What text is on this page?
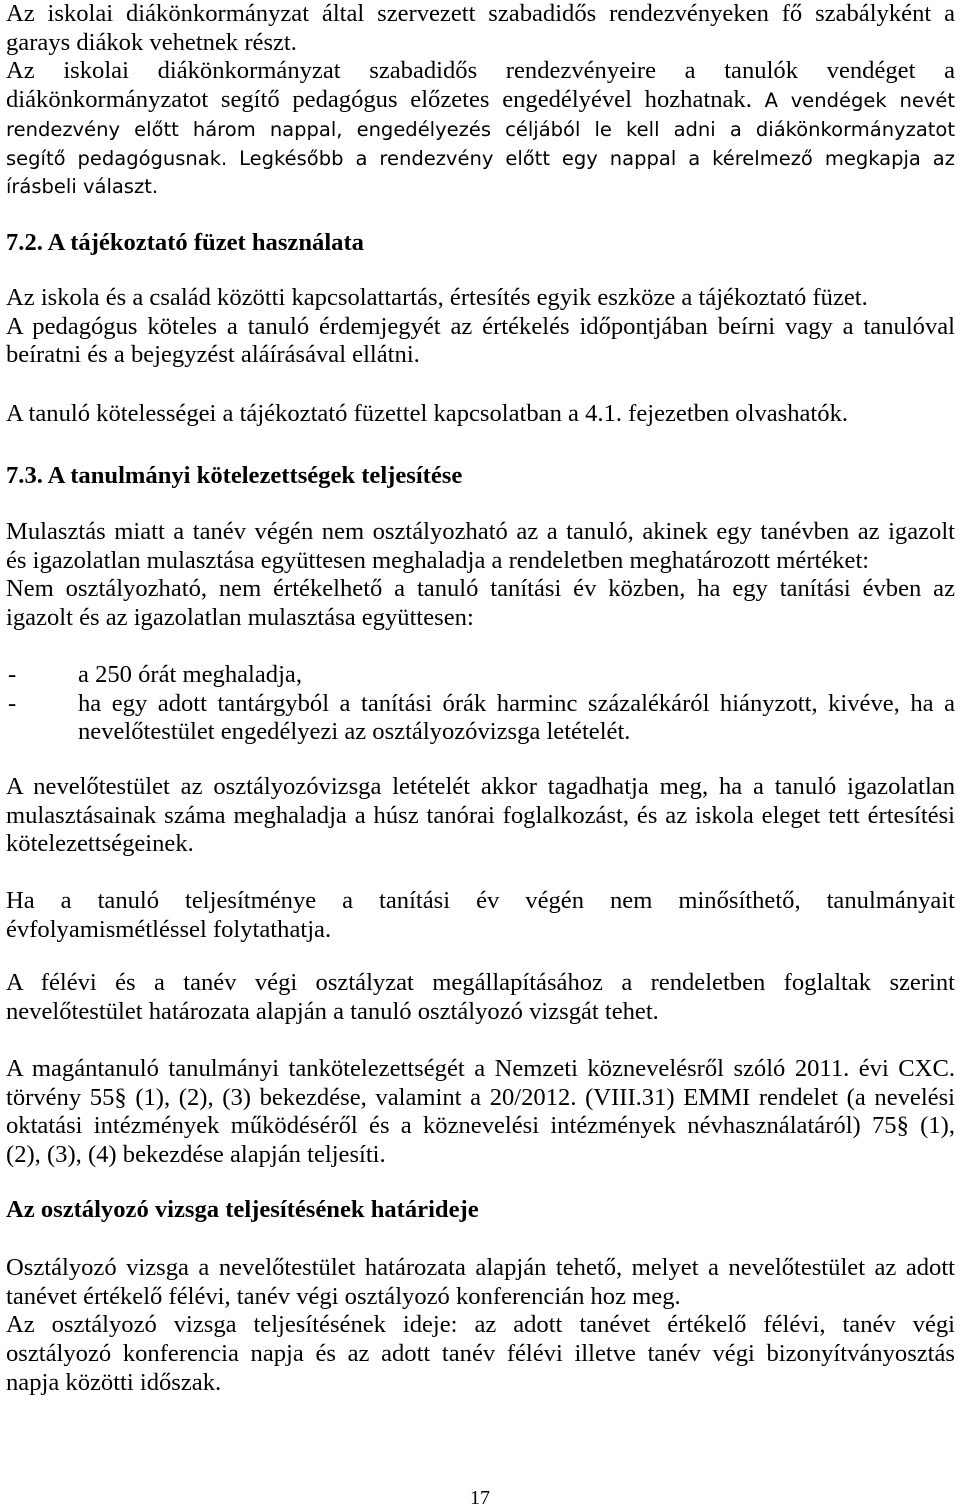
Az iskolai diákönkormányzat által szervezett szabadidős rendezvényeken fő szabályként a
garays diákok vehetnek részt.
Az iskolai diákönkormányzat szabadidős rendezvényeire a tanulók vendéget a
diákönkormányzatot segítő pedagógus előzetes engedélyével hozhatnak. A vendégek nevét
rendezvény előtt három nappal, engedélyezés céljából le kell adni a diákönkormányzatot
segítő pedagógusnak. Legkésőbb a rendezvény előtt egy nappal a kérelmező megkapja az
írásbeli választ.
7.2. A tájékoztató füzet használata
Az iskola és a család közötti kapcsolattartás, értesítés egyik eszköze a tájékoztató füzet.
A pedagógus köteles a tanuló érdemjegyét az értékelés időpontjában beírni vagy a tanulóval
beíratni és a bejegyzést aláírásával ellátni.
A tanuló kötelességei a tájékoztató füzettel kapcsolatban a 4.1. fejezetben olvashatók.
7.3. A tanulmányi kötelezettségek teljesítése
Mulasztás miatt a tanév végén nem osztályozható az a tanuló, akinek egy tanévben az igazolt
és igazolatlan mulasztása együttesen meghaladja a rendeletben meghatározott mértéket:
Nem osztályozható, nem értékelhető a tanuló tanítási év közben, ha egy tanítási évben az
igazolt és az igazolatlan mulasztása együttesen:
-	a 250 órát meghaladja,
-	ha egy adott tantárgyból a tanítási órák harminc százalékáról hiányzott, kivéve, ha a
nevelőtestület engedélyezi az osztályozóvizsga letételét.
A nevelőtestület az osztályozóvizsga letételét akkor tagadhatja meg, ha a tanuló igazolatlan
mulasztásainak száma meghaladja a húsz tanórai foglalkozást, és az iskola eleget tett értesítési
kötelezettségeinek.
Ha a tanuló teljesítménye a tanítási év végén nem minősíthető, tanulmányait
évfolyamismétléssel folytathatja.
A félévi és a tanév végi osztályzat megállapításához a rendeletben foglaltak szerint
nevelőtestület határozata alapján a tanuló osztályozó vizsgát tehet.
A magántanuló tanulmányi tankötelezettségét a Nemzeti köznevelésről szóló 2011. évi CXC.
törvény 55§ (1), (2), (3) bekezdése, valamint a 20/2012. (VIII.31) EMMI rendelet (a nevelési
oktatási intézmények működéséről és a köznevelési intézmények névhasználatáról) 75§ (1),
(2), (3), (4) bekezdése alapján teljesíti.
Az osztályozó vizsga teljesítésének határideje
Osztályozó vizsga a nevelőtestület határozata alapján tehető, melyet a nevelőtestület az adott
tanévet értékelő félévi, tanév végi osztályozó konferencián hoz meg.
Az osztályozó vizsga teljesítésének ideje: az adott tanévet értékelő félévi, tanév végi
osztályozó konferencia napja és az adott tanév félévi illetve tanév végi bizonyítványosztás
napja közötti időszak.
17
